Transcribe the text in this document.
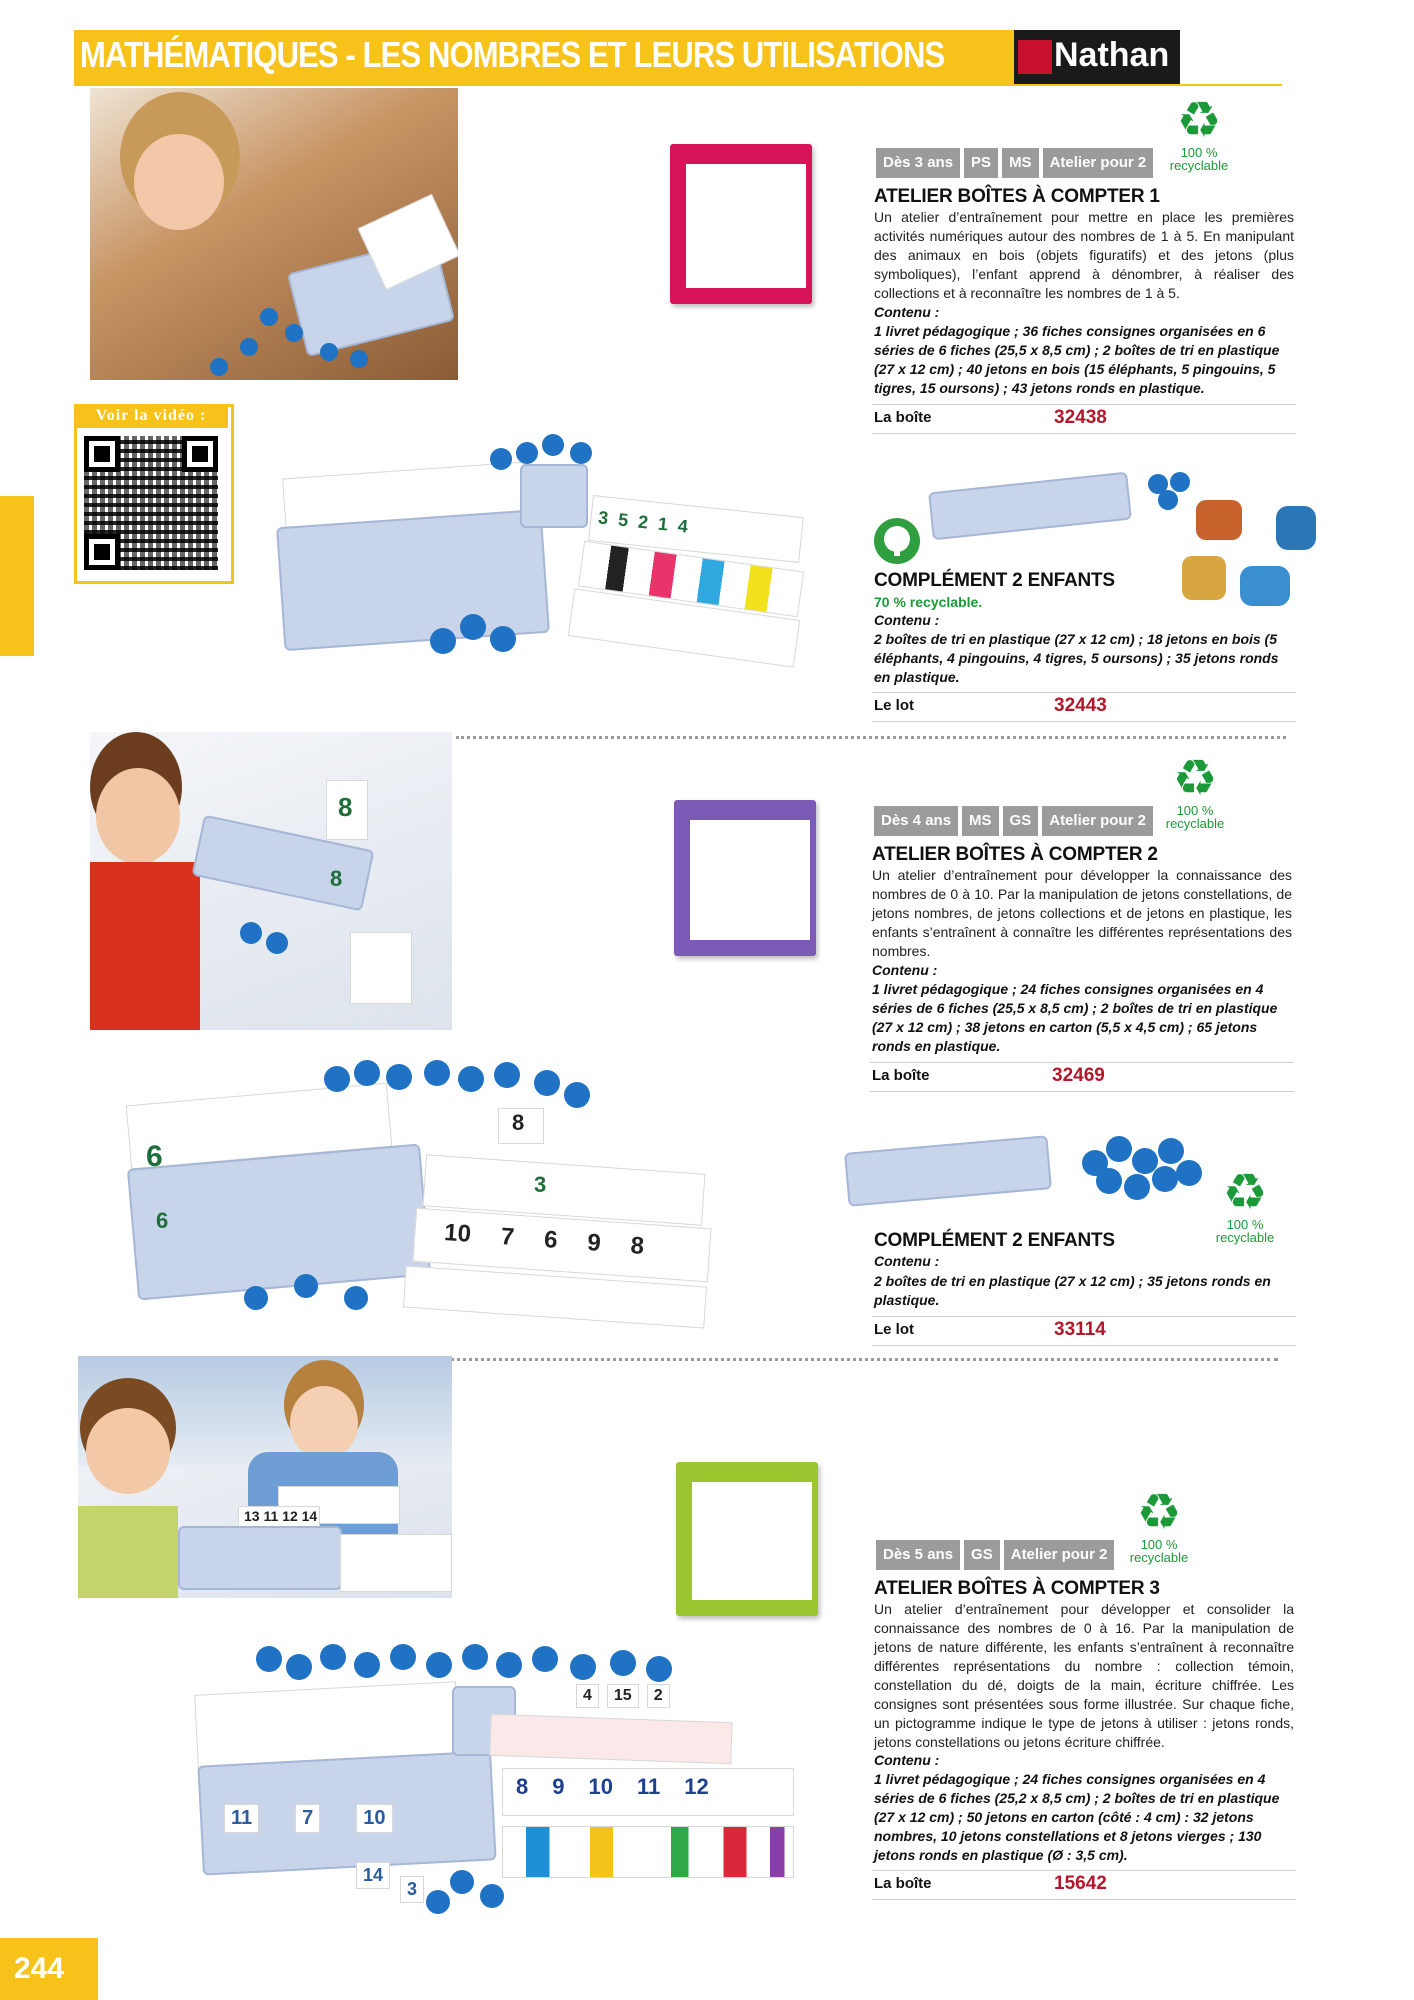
MATHÉMATIQUES - LES NOMBRES ET LEURS UTILISATIONS	Nathan
Voir la vidéo :
3 5 2 1 4
Dès 3 ans	PS	MS	Atelier pour 2
♻
100 %
recyclable
ATELIER BOÎTES À COMPTER 1
Un atelier d’entraînement pour mettre en place les premières activités numériques autour des nombres de 1 à 5. En manipulant des animaux en bois (objets figuratifs) et des jetons (plus symboliques), l’enfant apprend à dénombrer, à réaliser des collections et à reconnaître les nombres de 1 à 5.
Contenu :
1 livret pédagogique ; 36 fiches consignes organisées en 6 séries de 6 fiches (25,5 x 8,5 cm) ; 2 boîtes de tri en plastique (27 x 12 cm) ; 40 jetons en bois (15 éléphants, 5 pingouins, 5 tigres, 15 oursons) ; 43 jetons ronds en plastique.
La boîte	32438
COMPLÉMENT 2 ENFANTS
70 % recyclable.
Contenu :
2 boîtes de tri en plastique (27 x 12 cm) ; 18 jetons en bois (5 éléphants, 4 pingouins, 4 tigres, 5 oursons) ; 35 jetons ronds en plastique.
Le lot	32443
8
8
6
6
8
3
10 7 6 9 8
Dès 4 ans	MS	GS	Atelier pour 2
♻
100 %
recyclable
ATELIER BOÎTES À COMPTER 2
Un atelier d’entraînement pour développer la connaissance des nombres de 0 à 10. Par la manipulation de jetons constellations, de jetons nombres, de jetons collections et de jetons en plastique, les enfants s’entraînent à connaître les différentes représentations des nombres.
Contenu :
1 livret pédagogique ; 24 fiches consignes organisées en 4 séries de 6 fiches (25,5 x 8,5 cm) ; 2 boîtes de tri en plastique (27 x 12 cm) ; 38 jetons en carton (5,5 x 4,5 cm) ; 65 jetons ronds en plastique.
La boîte	32469
♻
100 %
recyclable
COMPLÉMENT 2 ENFANTS
Contenu :
2 boîtes de tri en plastique (27 x 12 cm) ; 35 jetons ronds en plastique.
Le lot	33114
13 11 12 14
11	7	10
4	15	2
8 9 10 11 12
14
3
Dès 5 ans	GS	Atelier pour 2
♻
100 %
recyclable
ATELIER BOÎTES À COMPTER 3
Un atelier d’entraînement pour développer et consolider la connaissance des nombres de 0 à 16. Par la manipulation de jetons de nature différente, les enfants s’entraînent à reconnaître différentes représentations du nombre : collection témoin, constellation du dé, doigts de la main, écriture chiffrée. Les consignes sont présentées sous forme illustrée. Sur chaque fiche, un pictogramme indique le type de jetons à utiliser : jetons ronds, jetons constellations ou jetons écriture chiffrée.
Contenu :
1 livret pédagogique ; 24 fiches consignes organisées en 4 séries de 6 fiches (25,2 x 8,5 cm) ; 2 boîtes de tri en plastique (27 x 12 cm) ; 50 jetons en carton (côté : 4 cm) : 32 jetons nombres, 10 jetons constellations et 8 jetons vierges ; 130 jetons ronds en plastique (Ø : 3,5 cm).
La boîte	15642
244
